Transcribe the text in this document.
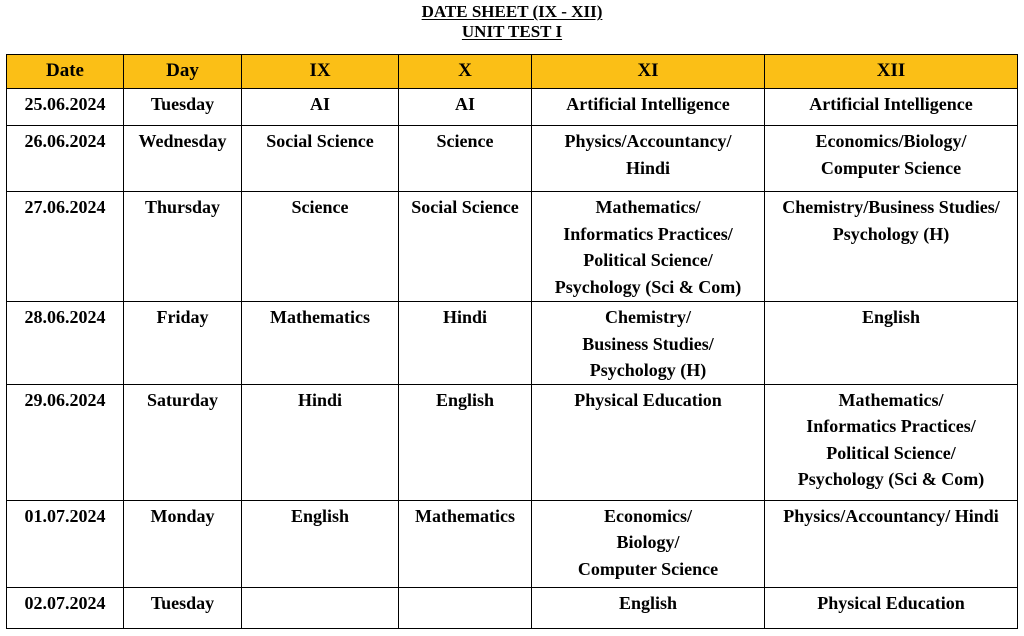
DATE SHEET (IX - XII)
UNIT TEST I
Date	Day	IX	X	XI	XII
25.06.2024	Tuesday	AI	AI	Artificial Intelligence	Artificial Intelligence

26.06.2024	Wednesday	Social Science	Science	Physics/Accountancy/
Hindi	Economics/Biology/
Computer Science

27.06.2024	Thursday	Science	Social Science	Mathematics/
Informatics Practices/
Political Science/
Psychology (Sci & Com)	Chemistry/Business Studies/
Psychology (H)

28.06.2024	Friday	Mathematics	Hindi	Chemistry/
Business Studies/
Psychology (H)	English

29.06.2024	Saturday	Hindi	English	Physical Education	Mathematics/
Informatics Practices/
Political Science/
Psychology (Sci & Com)

01.07.2024	Monday	English	Mathematics	Economics/
Biology/
Computer Science	Physics/Accountancy/ Hindi

02.07.2024	Tuesday			English	Physical Education
